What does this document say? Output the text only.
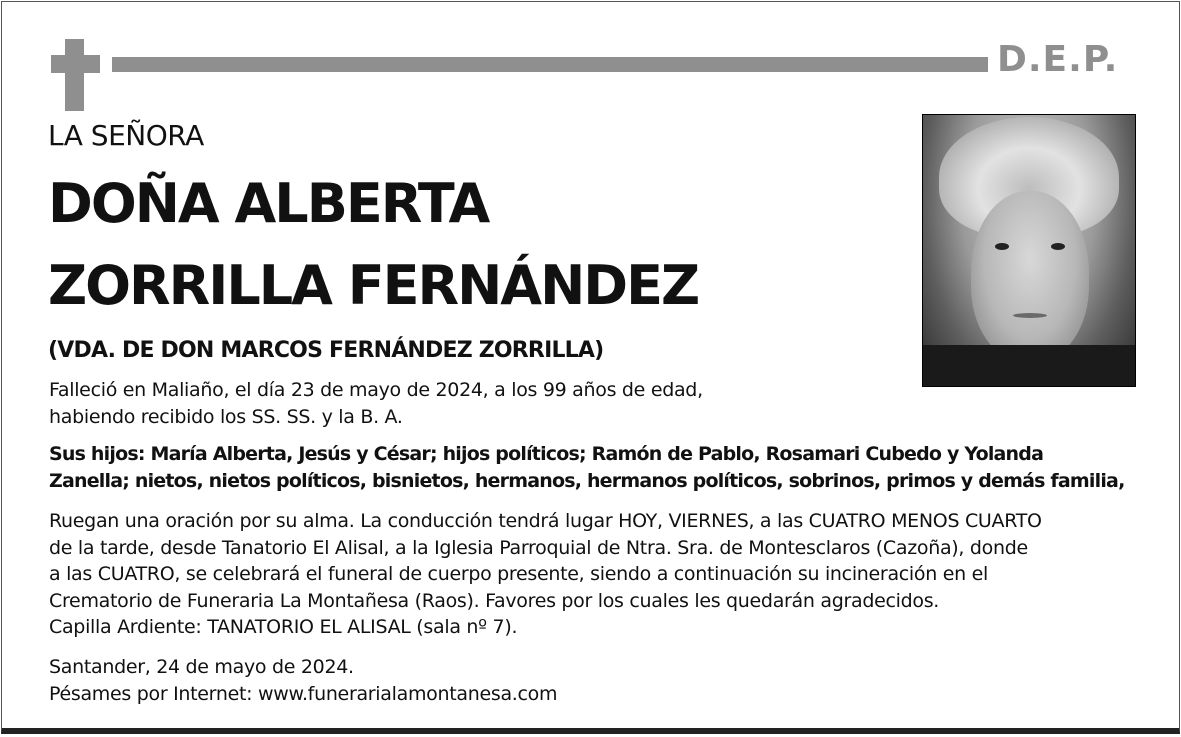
D.E.P.
LA SEÑORA
DOÑA ALBERTA
ZORRILLA FERNÁNDEZ
(VDA. DE DON MARCOS FERNÁNDEZ ZORRILLA)
Falleció en Maliaño, el día 23 de mayo de 2024, a los 99 años de edad,
habiendo recibido los SS. SS. y la B. A.
Sus hijos: María Alberta, Jesús y César; hijos políticos; Ramón de Pablo, Rosamari Cubedo y Yolanda
Zanella; nietos, nietos políticos, bisnietos, hermanos, hermanos políticos, sobrinos, primos y demás familia,
Ruegan una oración por su alma. La conducción tendrá lugar HOY, VIERNES, a las CUATRO MENOS CUARTO
de la tarde, desde Tanatorio El Alisal, a la Iglesia Parroquial de Ntra. Sra. de Montesclaros (Cazoña), donde
a las CUATRO, se celebrará el funeral de cuerpo presente, siendo a continuación su incineración en el
Crematorio de Funeraria La Montañesa (Raos). Favores por los cuales les quedarán agradecidos.
Capilla Ardiente: TANATORIO EL ALISAL (sala nº 7).
Santander, 24 de mayo de 2024.
Pésames por Internet: www.funerarialamontanesa.com
